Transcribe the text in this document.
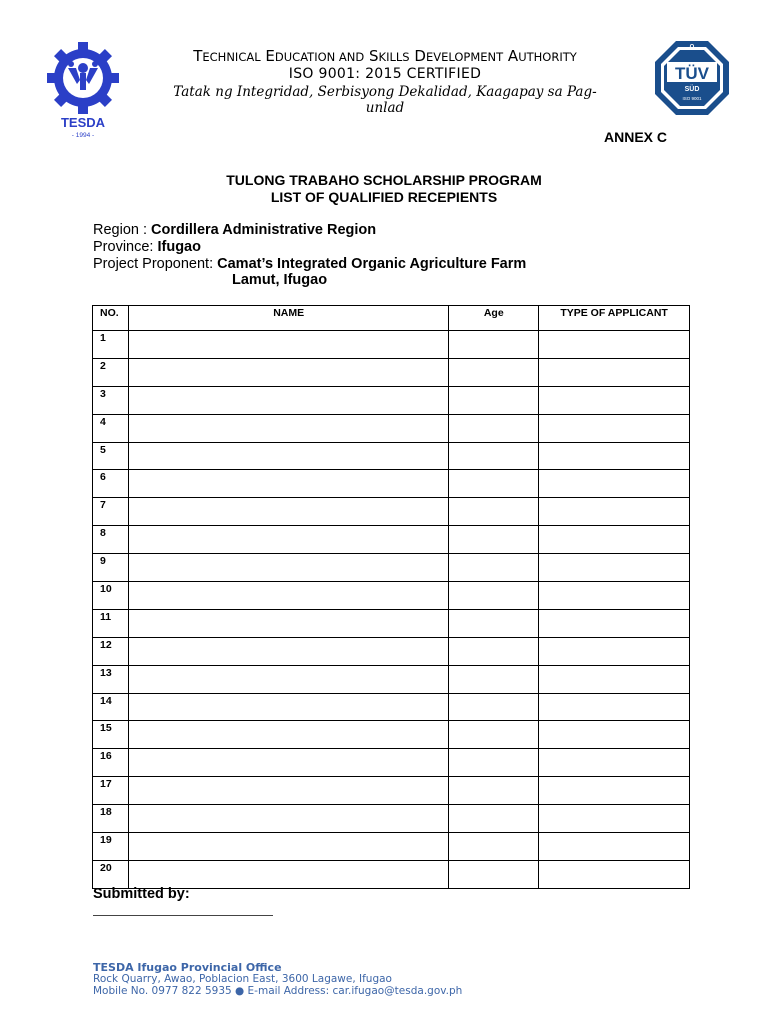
TESDA
- 1994 -
TECHNICAL EDUCATION AND SKILLS DEVELOPMENT AUTHORITY
ISO 9001: 2015 CERTIFIED
Tatak ng Integridad, Serbisyong Dekalidad, Kaagapay sa Pag-unlad
Q
TÜV
SÜD
ISO 9001
ANNEX C
TULONG TRABAHO SCHOLARSHIP PROGRAM
LIST OF QUALIFIED RECEPIENTS
Region : Cordillera Administrative Region
Province: Ifugao
Project Proponent: Camat’s Integrated Organic Agriculture Farm
Lamut, Ifugao
NO.	NAME	Age	TYPE OF APPLICANT
1			
2			
3			
4			
5			
6			
7			
8			
9			
10			
11			
12			
13			
14			
15			
16			
17			
18			
19			
20			
Submitted by:
TESDA Ifugao Provincial Office
Rock Quarry, Awao, Poblacion East, 3600 Lagawe, Ifugao
Mobile No. 0977 822 5935 ● E-mail Address: car.ifugao@tesda.gov.ph
